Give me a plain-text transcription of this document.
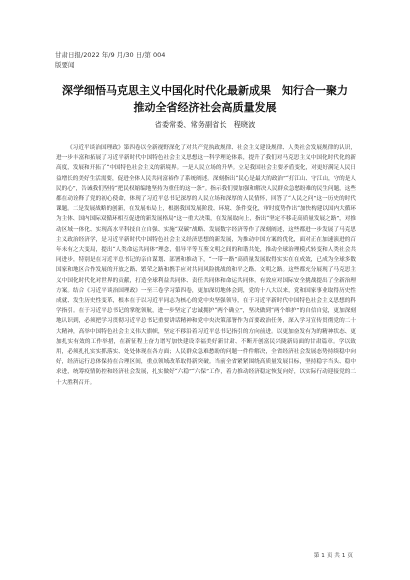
甘肃日报/2022 年/9 月/30 日/第 004
版要闻
深学细悟马克思主义中国化时代化最新成果　知行合一聚力
推动全省经济社会高质量发展
省委常委、常务副省长　程晓波
《习近平谈治国理政》第四卷以全新视野深化了对共产党执政规律、社会主义建设规律、人类社会发展规律的认识，进一步丰富和拓展了习近平新时代中国特色社会主义思想这一科学理论体系，提升了我们对马克思主义中国化时代化的新高度，发展和开拓了“中国特色社会主义的新境界。一是人民立场的升华。立足我国社会主要矛盾变化，对更好满足人民日益增长的美好生活需要，促进全体人民共同富裕作了系统阐述。深刻指出“民心是最大的政治”“打江山、守江山，守的是人民的心”，告诫我们坚持“把民权缩编地坚持为重任的这一条”。指示我们要加强和解决人民群众急愁盼难的民生问题，这些都在动诠释了党的初心使命，体现了习近平总书记深厚的人民立场和深厚的人民情怀，回答了“人民之问”这一历史的时代课题。二是发展战略的创新，在发展布局上，根据我国发展阶段、环境、条件变化，审时度势作出“加快构建以国内大循环为主体、国内国际双循环相互促进的新发展格局”这一重大决策，在发展取向上，指出“坚定不移走高质量发展之路”，对推动区域一体化、实现高水平科技自立自强、实施“双碳”战略、发展数字经济等作了深刻阐述，这些都进一步发展了马克思主义政治经济学，是习近平新时代中国特色社会主义经济思想的新发展，为推动中国方案的优化，面对正在加速演进的百年未有之大变局，提出“人类命运共同体”理念，倡导平等互鉴文明之间的和谐共处，推动全球治理模式转变和人类社会共同进步，特别是在习近平总书记的亲自谋划、部署和推动下，“一带一路”高质量发展取得实实在在成效，已成为全球多数国家和地区合作发展的开放之路、繁荣之路和携手应对共同风险挑战的和平之路、文明之路。这些都充分展现了马克思主义中国化时代化对世界的贡献，打造全球利益共同体、责任共同体和命运共同体，有效应对国际安全挑战提出了全新治理方案。结合《习近平谈治国理政》一至三卷学习第四卷，更加深切地体会到，党的十八大以来，党和国家事业取得历史性成就、发生历史性变革，根本在于以习近平同志为核心的党中央坚强领导，在于习近平新时代中国特色社会主义思想的科学指引。在于习近平总书记的掌舵领航，进一步坚定了忠诚拥护“两个确立”，坚决做到“两个维护”的自信自觉，更加深刻地认识到，必须把学习贯彻习近平总书记重要讲话精神和党中央决策部署作为首要政治任务，深入学习宣传贯彻党的二十大精神，高举中国特色社会主义伟大旗帜，坚定不移沿着习近平总书记指引的方向前进。以更加奋发有为的精神状态、更加扎实有效的工作举措，在新征程上奋力谱写加快建设幸福美好新甘肃、不断开创富民兴陇新局面的甘肃篇章。学以致用，必须扎扎实实抓落实、处处体现在各方面；人民群众急难愁盼的问题一件件解决，全省经济社会发展态势持续稳中向好，经济运行总体保持在合理区间，重点领域改革取得新突破。当前全省紧紧围绕高质量发展目标，坚持稳字当头、稳中求进，统筹疫情防控和经济社会发展，扎实做好“六稳”“六保”工作，着力推动经济稳定恢复向好，以实际行动迎接党的二十大胜利召开。
第 1 页 共 1 页
